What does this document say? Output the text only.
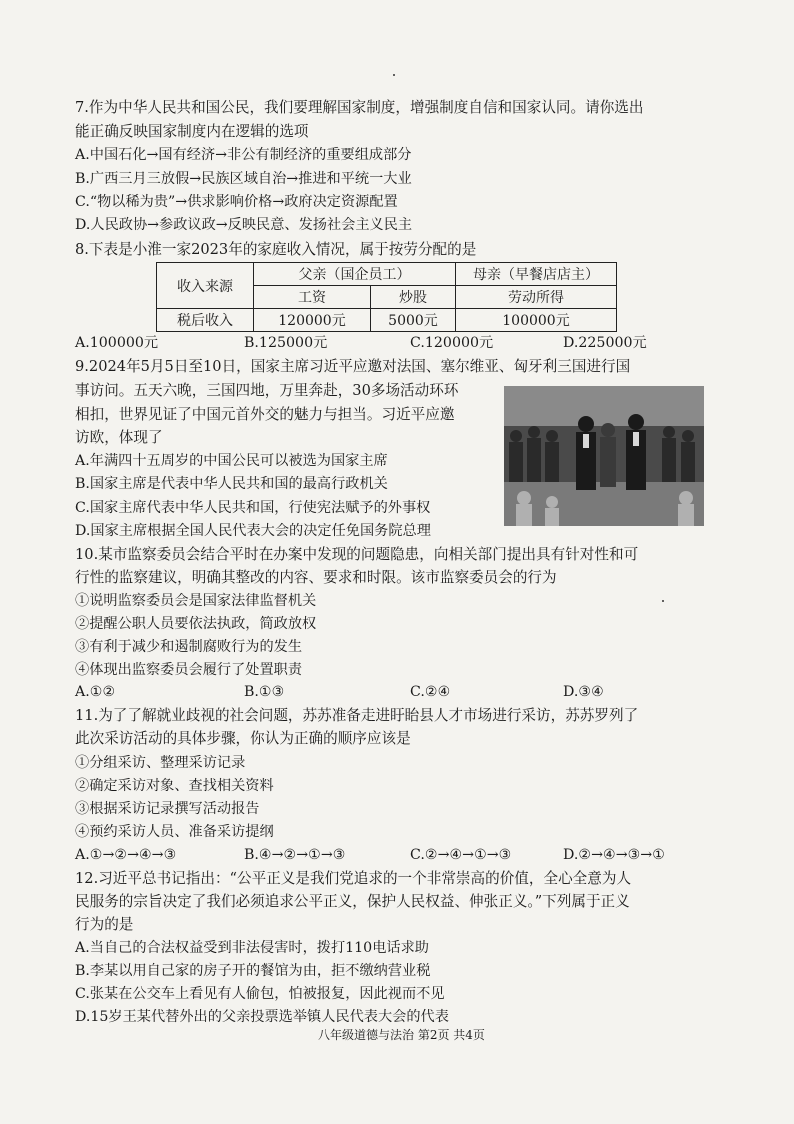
7.作为中华人民共和国公民，我们要理解国家制度，增强制度自信和国家认同。请你选出
能正确反映国家制度内在逻辑的选项
A.中国石化→国有经济→非公有制经济的重要组成部分
B.广西三月三放假→民族区域自治→推进和平统一大业
C.“物以稀为贵”→供求影响价格→政府决定资源配置
D.人民政协→参政议政→反映民意、发扬社会主义民主
8.下表是小淮一家2023年的家庭收入情况，属于按劳分配的是
收入来源	父亲（国企员工）		母亲（早餐店店主）
	工资	炒股	劳动所得
税后收入	120000元	5000元	100000元
A.100000元	B.125000元	C.120000元	D.225000元
9.2024年5月5日至10日，国家主席习近平应邀对法国、塞尔维亚、匈牙利三国进行国
事访问。五天六晚，三国四地，万里奔赴，30多场活动环环
相扣，世界见证了中国元首外交的魅力与担当。习近平应邀
访欧，体现了
A.年满四十五周岁的中国公民可以被选为国家主席
B.国家主席是代表中华人民共和国的最高行政机关
C.国家主席代表中华人民共和国，行使宪法赋予的外事权
D.国家主席根据全国人民代表大会的决定任免国务院总理
10.某市监察委员会结合平时在办案中发现的问题隐患，向相关部门提出具有针对性和可
行性的监察建议，明确其整改的内容、要求和时限。该市监察委员会的行为
①说明监察委员会是国家法律监督机关
②提醒公职人员要依法执政，简政放权
③有利于减少和遏制腐败行为的发生
④体现出监察委员会履行了处置职责
A.①②	B.①③	C.②④	D.③④
11.为了了解就业歧视的社会问题，苏苏准备走进盱眙县人才市场进行采访，苏苏罗列了
此次采访活动的具体步骤，你认为正确的顺序应该是
①分组采访、整理采访记录
②确定采访对象、查找相关资料
③根据采访记录撰写活动报告
④预约采访人员、准备采访提纲
A.①→②→④→③	B.④→②→①→③	C.②→④→①→③	D.②→④→③→①
12.习近平总书记指出：“公平正义是我们党追求的一个非常崇高的价值，全心全意为人
民服务的宗旨决定了我们必须追求公平正义，保护人民权益、伸张正义。”下列属于正义
行为的是
A.当自己的合法权益受到非法侵害时，拨打110电话求助
B.李某以用自己家的房子开的餐馆为由，拒不缴纳营业税
C.张某在公交车上看见有人偷包，怕被报复，因此视而不见
D.15岁王某代替外出的父亲投票选举镇人民代表大会的代表
八年级道德与法治 第2页 共4页
